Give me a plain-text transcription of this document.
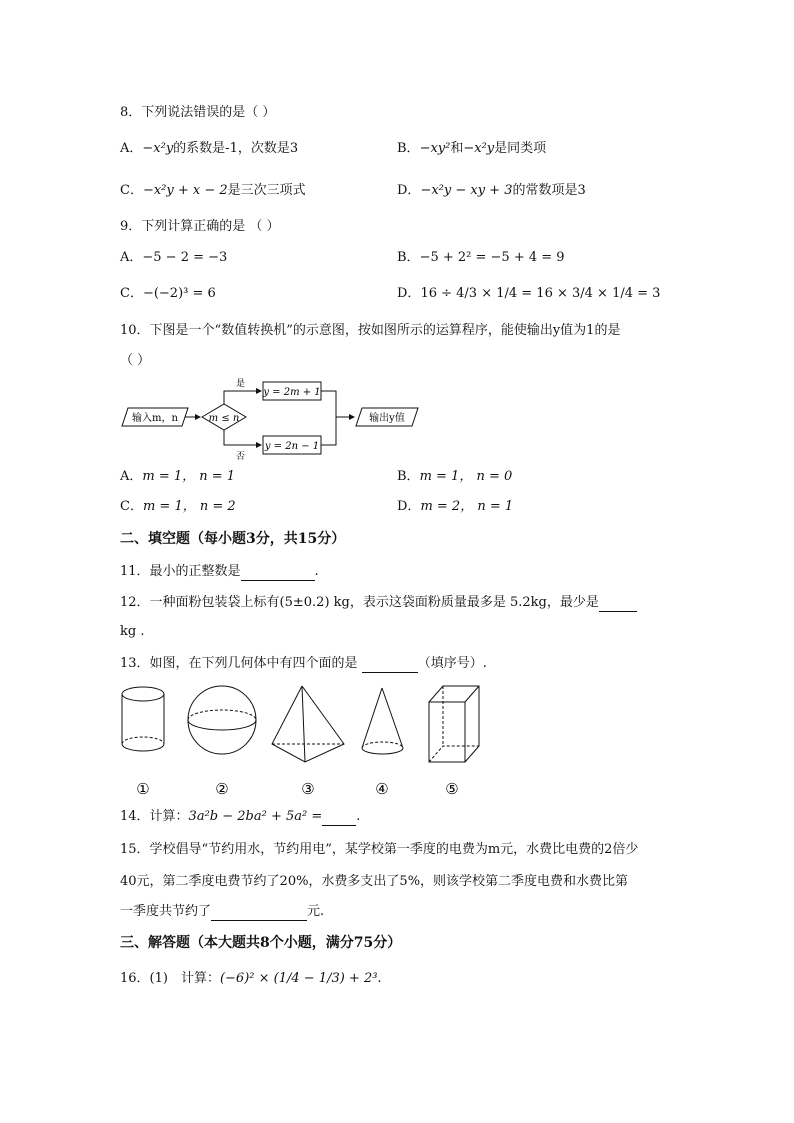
8．下列说法错误的是（ ）
A．−x²y的系数是-1，次数是3	B．−xy²和−x²y是同类项
C．−x²y + x − 2是三次三项式	D．−x²y − xy + 3的常数项是3
9．下列计算正确的是 （ ）
A．−5 − 2 = −3	B．−5 + 2² = −5 + 4 = 9
C．−(−2)³ = 6	D．16 ÷ 4/3 × 1/4 = 16 × 3/4 × 1/4 = 3
10．下图是一个“数值转换机”的示意图，按如图所示的运算程序，能使输出y值为1的是
（ ）
输入m，n	m ≤ n
是
y = 2m + 1
否
y = 2n − 1
输出y值
A．m = 1， n = 1	B．m = 1， n = 0
C．m = 1， n = 2	D．m = 2， n = 1
二、填空题（每小题3分，共15分）
11．最小的正整数是	.
12．一种面粉包装袋上标有(5±0.2) kg，表示这袋面粉质量最多是 5.2kg，最少是
kg .
13．如图，在下列几何体中有四个面的是	（填序号）.
①	②	③	④	⑤
14．计算：3a²b − 2ba² + 5a² =	.
15．学校倡导“节约用水，节约用电”，某学校第一季度的电费为m元，水费比电费的2倍少
40元，第二季度电费节约了20%，水费多支出了5%，则该学校第二季度电费和水费比第
一季度共节约了	元.
三、解答题（本大题共8个小题，满分75分）
16．(1)　计算：(−6)² × (1/4 − 1/3) + 2³.
